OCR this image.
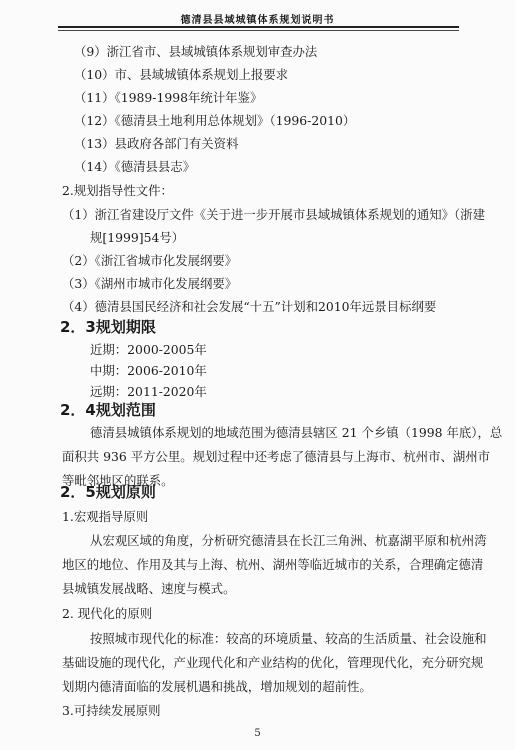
德清县县域城镇体系规划说明书
（9）浙江省市、县域城镇体系规划审查办法
（10）市、县域城镇体系规划上报要求
（11）《1989-1998年统计年鉴》
（12）《德清县土地利用总体规划》（1996-2010）
（13）县政府各部门有关资料
（14）《德清县县志》
2.规划指导性文件：
（1）浙江省建设厅文件《关于进一步开展市县域城镇体系规划的通知》（浙建
规[1999]54号）
（2）《浙江省城市化发展纲要》
（3）《湖州市城市化发展纲要》
（4）德清县国民经济和社会发展“十五”计划和2010年远景目标纲要
2．3规划期限
近期：2000-2005年
中期：2006-2010年
远期：2011-2020年
2．4规划范围
德清县城镇体系规划的地域范围为德清县辖区 21 个乡镇（1998 年底），总
面积共 936 平方公里。规划过程中还考虑了德清县与上海市、杭州市、湖州市
等毗邻地区的联系。
2．5规划原则
1.宏观指导原则
从宏观区域的角度，分析研究德清县在长江三角洲、杭嘉湖平原和杭州湾
地区的地位、作用及其与上海、杭州、湖州等临近城市的关系，合理确定德清
县城镇发展战略、速度与模式。
5
2. 现代化的原则
按照城市现代化的标准：较高的环境质量、较高的生活质量、社会设施和
基础设施的现代化，产业现代化和产业结构的优化，管理现代化，充分研究规
划期内德清面临的发展机遇和挑战，增加规划的超前性。
3.可持续发展原则
